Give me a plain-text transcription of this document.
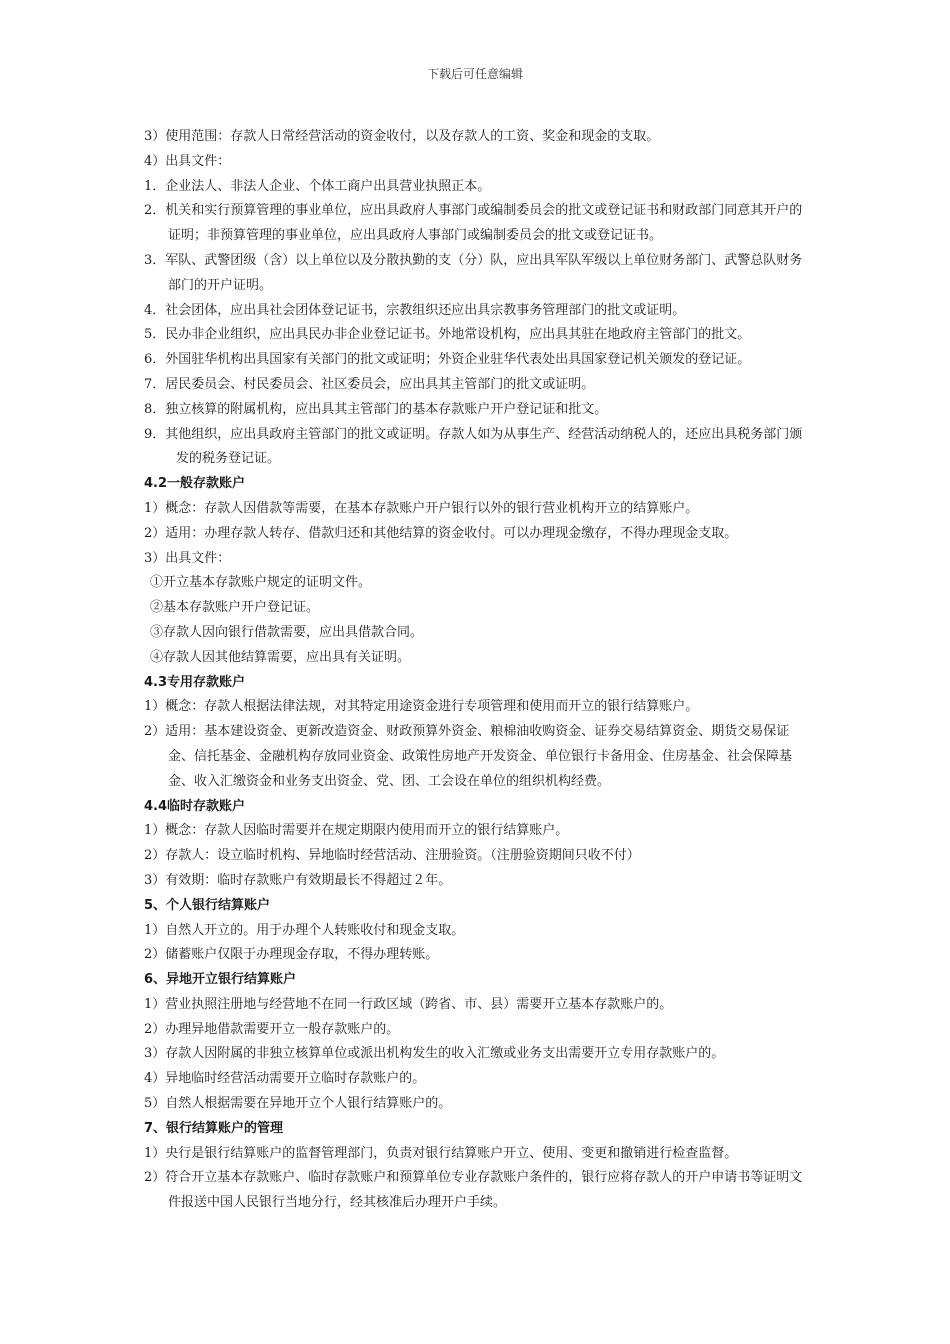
下载后可任意编辑
3）使用范围：存款人日常经营活动的资金收付，以及存款人的工资、奖金和现金的支取。
4）出具文件：
1．企业法人、非法人企业、个体工商户出具营业执照正本。
2．机关和实行预算管理的事业单位，应出具政府人事部门或编制委员会的批文或登记证书和财政部门同意其开户的证明；非预算管理的事业单位，应出具政府人事部门或编制委员会的批文或登记证书。
3．军队、武警团级（含）以上单位以及分散执勤的支（分）队，应出具军队军级以上单位财务部门、武警总队财务部门的开户证明。
4．社会团体，应出具社会团体登记证书，宗教组织还应出具宗教事务管理部门的批文或证明。
5．民办非企业组织，应出具民办非企业登记证书。外地常设机构，应出具其驻在地政府主管部门的批文。
6．外国驻华机构出具国家有关部门的批文或证明；外资企业驻华代表处出具国家登记机关颁发的登记证。
7．居民委员会、村民委员会、社区委员会，应出具其主管部门的批文或证明。
8．独立核算的附属机构，应出具其主管部门的基本存款账户开户登记证和批文。
9．其他组织，应出具政府主管部门的批文或证明。存款人如为从事生产、经营活动纳税人的，还应出具税务部门颁发的税务登记证。
4.2一般存款账户
1）概念：存款人因借款等需要，在基本存款账户开户银行以外的银行营业机构开立的结算账户。
2）适用：办理存款人转存、借款归还和其他结算的资金收付。可以办理现金缴存，不得办理现金支取。
3）出具文件：
①开立基本存款账户规定的证明文件。
②基本存款账户开户登记证。
③存款人因向银行借款需要，应出具借款合同。
④存款人因其他结算需要，应出具有关证明。
4.3专用存款账户
1）概念：存款人根据法律法规，对其特定用途资金进行专项管理和使用而开立的银行结算账户。
2）适用：基本建设资金、更新改造资金、财政预算外资金、粮棉油收购资金、证券交易结算资金、期货交易保证金、信托基金、金融机构存放同业资金、政策性房地产开发资金、单位银行卡备用金、住房基金、社会保障基金、收入汇缴资金和业务支出资金、党、团、工会设在单位的组织机构经费。
4.4临时存款账户
1）概念：存款人因临时需要并在规定期限内使用而开立的银行结算账户。
2）存款人：设立临时机构、异地临时经营活动、注册验资。（注册验资期间只收不付）
3）有效期：临时存款账户有效期最长不得超过２年。
5、个人银行结算账户
1）自然人开立的。用于办理个人转账收付和现金支取。
2）储蓄账户仅限于办理现金存取，不得办理转账。
6、异地开立银行结算账户
1）营业执照注册地与经营地不在同一行政区域（跨省、市、县）需要开立基本存款账户的。
2）办理异地借款需要开立一般存款账户的。
3）存款人因附属的非独立核算单位或派出机构发生的收入汇缴或业务支出需要开立专用存款账户的。
4）异地临时经营活动需要开立临时存款账户的。
5）自然人根据需要在异地开立个人银行结算账户的。
7、银行结算账户的管理
1）央行是银行结算账户的监督管理部门，负责对银行结算账户开立、使用、变更和撤销进行检查监督。
2）符合开立基本存款账户、临时存款账户和预算单位专业存款账户条件的，银行应将存款人的开户申请书等证明文件报送中国人民银行当地分行，经其核准后办理开户手续。
